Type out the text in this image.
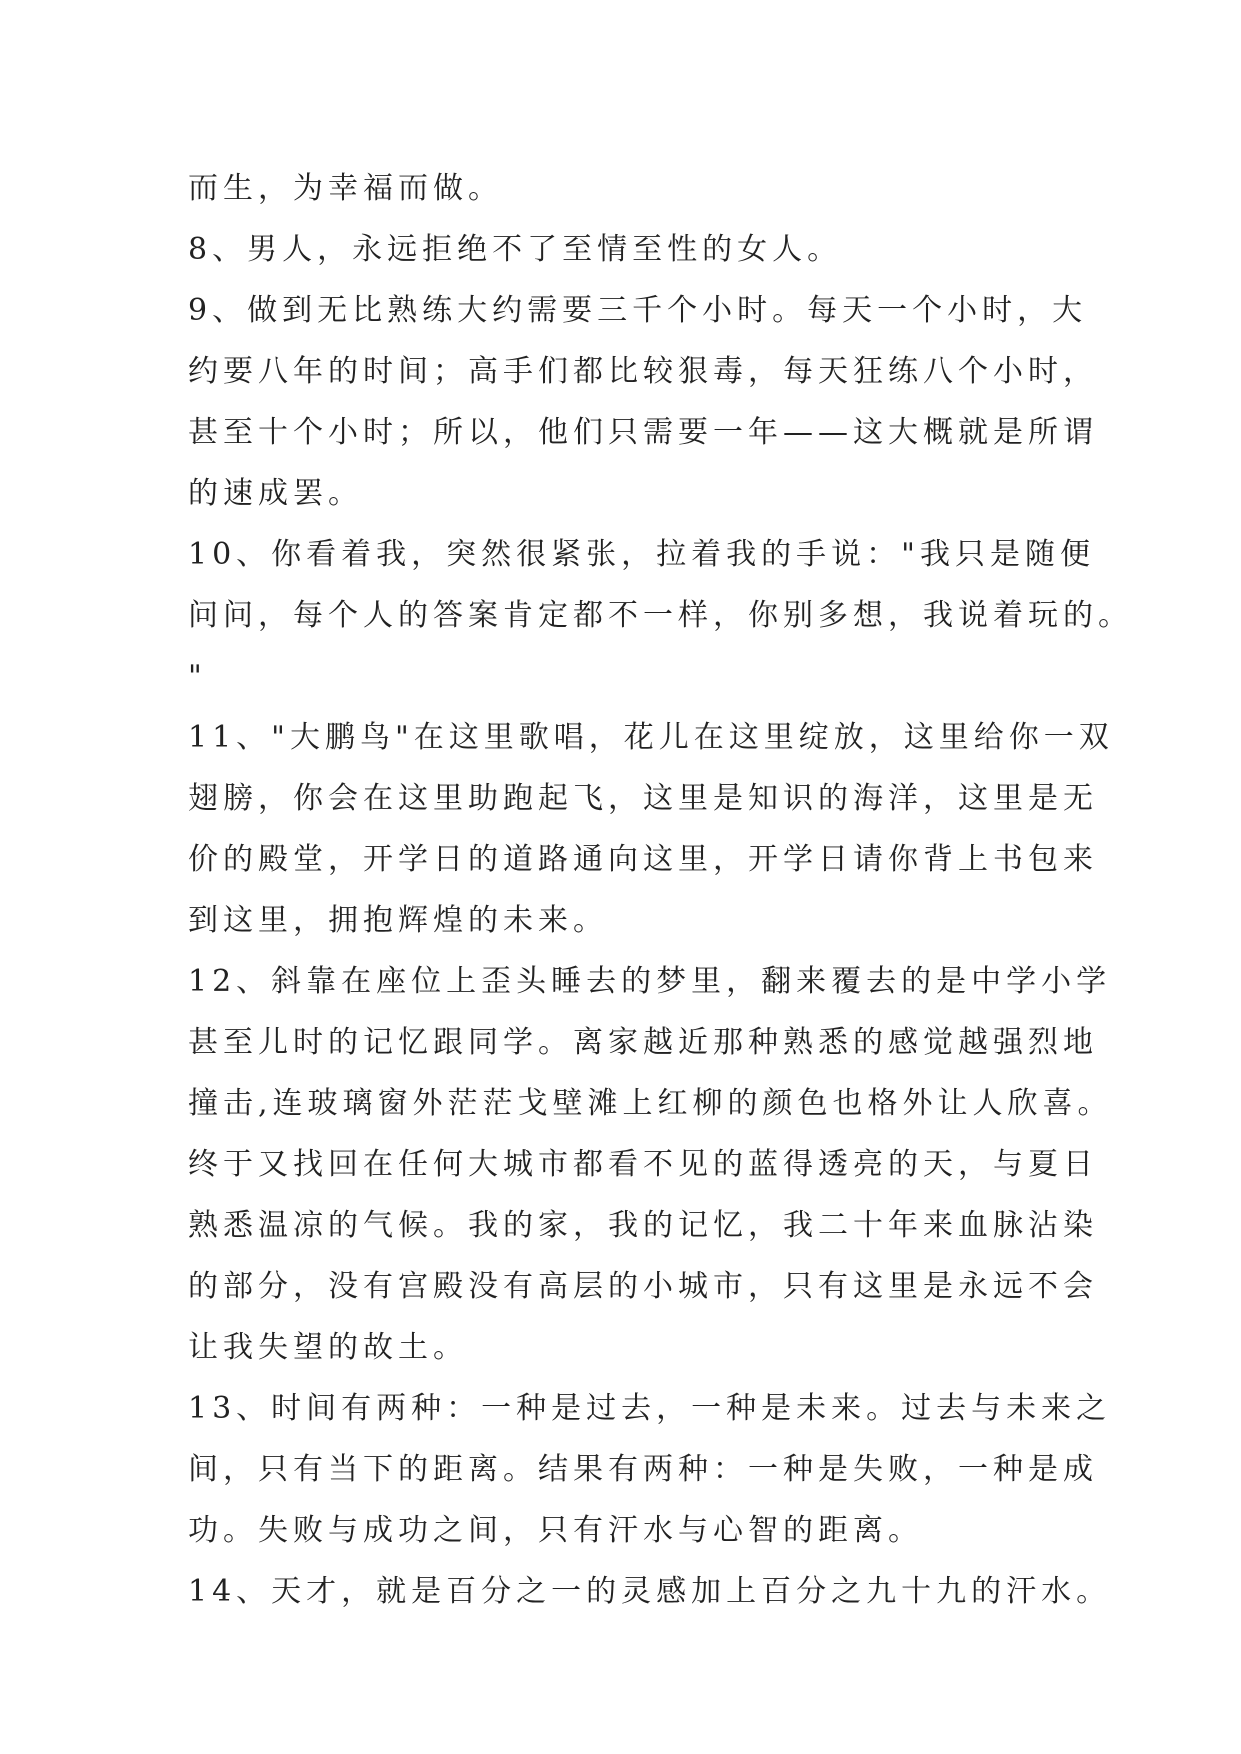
而生，为幸福而做。
8、男人，永远拒绝不了至情至性的女人。
9、做到无比熟练大约需要三千个小时。每天一个小时，大
约要八年的时间；高手们都比较狠毒，每天狂练八个小时，
甚至十个小时；所以，他们只需要一年——这大概就是所谓
的速成罢。
10、你看着我，突然很紧张，拉着我的手说："我只是随便
问问，每个人的答案肯定都不一样，你别多想，我说着玩的。
"
11、"大鹏鸟"在这里歌唱，花儿在这里绽放，这里给你一双
翅膀，你会在这里助跑起飞，这里是知识的海洋，这里是无
价的殿堂，开学日的道路通向这里，开学日请你背上书包来
到这里，拥抱辉煌的未来。
12、斜靠在座位上歪头睡去的梦里，翻来覆去的是中学小学
甚至儿时的记忆跟同学。离家越近那种熟悉的感觉越强烈地
撞击,连玻璃窗外茫茫戈壁滩上红柳的颜色也格外让人欣喜。
终于又找回在任何大城市都看不见的蓝得透亮的天，与夏日
熟悉温凉的气候。我的家，我的记忆，我二十年来血脉沾染
的部分，没有宫殿没有高层的小城市，只有这里是永远不会
让我失望的故土。
13、时间有两种：一种是过去，一种是未来。过去与未来之
间，只有当下的距离。结果有两种：一种是失败，一种是成
功。失败与成功之间，只有汗水与心智的距离。
14、天才，就是百分之一的灵感加上百分之九十九的汗水。
